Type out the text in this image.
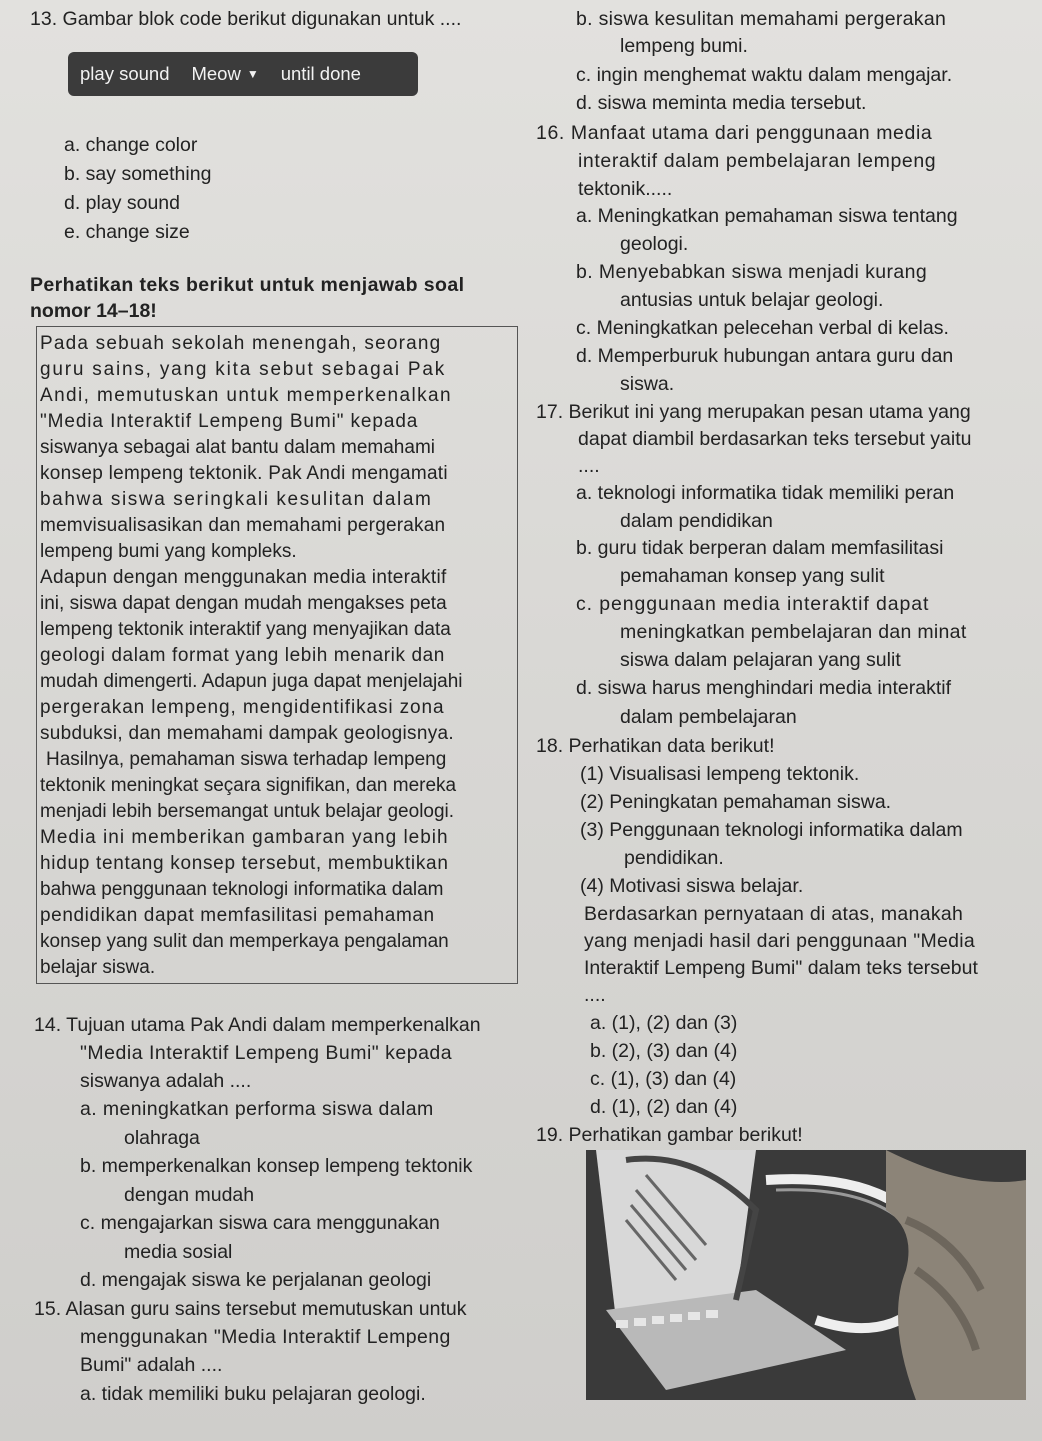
13. Gambar blok code berikut digunakan untuk ....
play sound Meow ▼ until done
a. change color
b. say something
d. play sound
e. change size
Perhatikan teks berikut untuk menjawab soal
nomor 14–18!
Pada sebuah sekolah menengah, seorang
guru sains, yang kita sebut sebagai Pak
Andi, memutuskan untuk memperkenalkan
"Media Interaktif Lempeng Bumi" kepada
siswanya sebagai alat bantu dalam memahami
konsep lempeng tektonik. Pak Andi mengamati
bahwa siswa seringkali kesulitan dalam
memvisualisasikan dan memahami pergerakan
lempeng bumi yang kompleks.
Adapun dengan menggunakan media interaktif
ini, siswa dapat dengan mudah mengakses peta
lempeng tektonik interaktif yang menyajikan data
geologi dalam format yang lebih menarik dan
mudah dimengerti. Adapun juga dapat menjelajahi
pergerakan lempeng, mengidentifikasi zona
subduksi, dan memahami dampak geologisnya.
Hasilnya, pemahaman siswa terhadap lempeng
tektonik meningkat seçara signifikan, dan mereka
menjadi lebih bersemangat untuk belajar geologi.
Media ini memberikan gambaran yang lebih
hidup tentang konsep tersebut, membuktikan
bahwa penggunaan teknologi informatika dalam
pendidikan dapat memfasilitasi pemahaman
konsep yang sulit dan memperkaya pengalaman
belajar siswa.
14. Tujuan utama Pak Andi dalam memperkenalkan
"Media Interaktif Lempeng Bumi" kepada
siswanya adalah ....
a. meningkatkan performa siswa dalam
olahraga
b. memperkenalkan konsep lempeng tektonik
dengan mudah
c. mengajarkan siswa cara menggunakan
media sosial
d. mengajak siswa ke perjalanan geologi
15. Alasan guru sains tersebut memutuskan untuk
menggunakan "Media Interaktif Lempeng
Bumi" adalah ....
a. tidak memiliki buku pelajaran geologi.
b. siswa kesulitan memahami pergerakan
lempeng bumi.
c. ingin menghemat waktu dalam mengajar.
d. siswa meminta media tersebut.
16. Manfaat utama dari penggunaan media
interaktif dalam pembelajaran lempeng
tektonik.....
a. Meningkatkan pemahaman siswa tentang
geologi.
b. Menyebabkan siswa menjadi kurang
antusias untuk belajar geologi.
c. Meningkatkan pelecehan verbal di kelas.
d. Memperburuk hubungan antara guru dan
siswa.
17. Berikut ini yang merupakan pesan utama yang
dapat diambil berdasarkan teks tersebut yaitu
....
a. teknologi informatika tidak memiliki peran
dalam pendidikan
b. guru tidak berperan dalam memfasilitasi
pemahaman konsep yang sulit
c. penggunaan media interaktif dapat
meningkatkan pembelajaran dan minat
siswa dalam pelajaran yang sulit
d. siswa harus menghindari media interaktif
dalam pembelajaran
18. Perhatikan data berikut!
(1) Visualisasi lempeng tektonik.
(2) Peningkatan pemahaman siswa.
(3) Penggunaan teknologi informatika dalam
pendidikan.
(4) Motivasi siswa belajar.
Berdasarkan pernyataan di atas, manakah
yang menjadi hasil dari penggunaan "Media
Interaktif Lempeng Bumi" dalam teks tersebut
....
a. (1), (2) dan (3)
b. (2), (3) dan (4)
c. (1), (3) dan (4)
d. (1), (2) dan (4)
19. Perhatikan gambar berikut!
